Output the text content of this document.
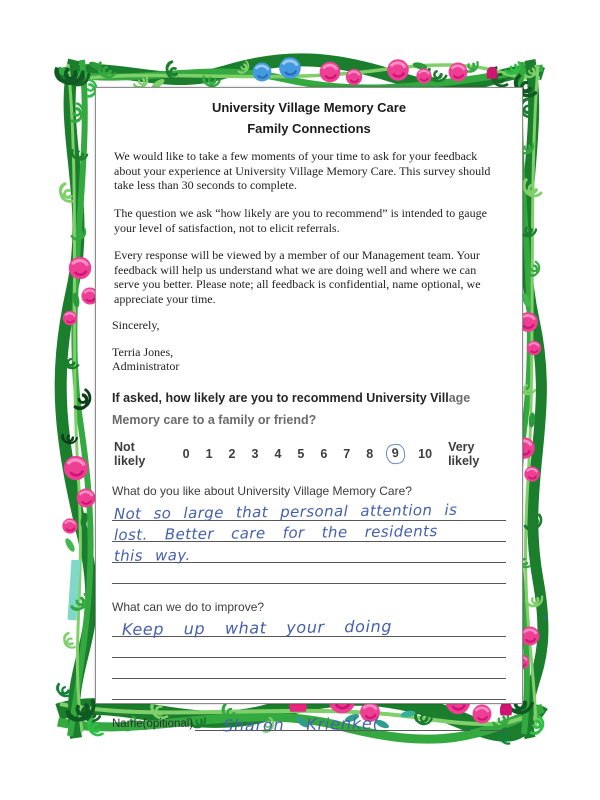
University Village Memory Care
Family Connections
We would like to take a few moments of your time to ask for your feedback about your experience at University Village Memory Care. This survey should take less than 30 seconds to complete.
The question we ask “how likely are you to recommend” is intended to gauge your level of satisfaction, not to elicit referrals.
Every response will be viewed by a member of our Management team. Your feedback will help us understand what we are doing well and where we can serve you better. Please note; all feedback is confidential, name optional, we appreciate your time.
Sincerely,
Terria Jones,
Administrator
If asked, how likely are you to recommend University Village Memory care to a family or friend?
Not likely	0 1 2 3 4 5 6 7 8	9	10 Very likely
What do you like about University Village Memory Care?
Not so large that personal attention is
lost. Better care for the residents
this way.
What can we do to improve?
Keep up what your doing
Name(opitional) Sharon Krienke(
